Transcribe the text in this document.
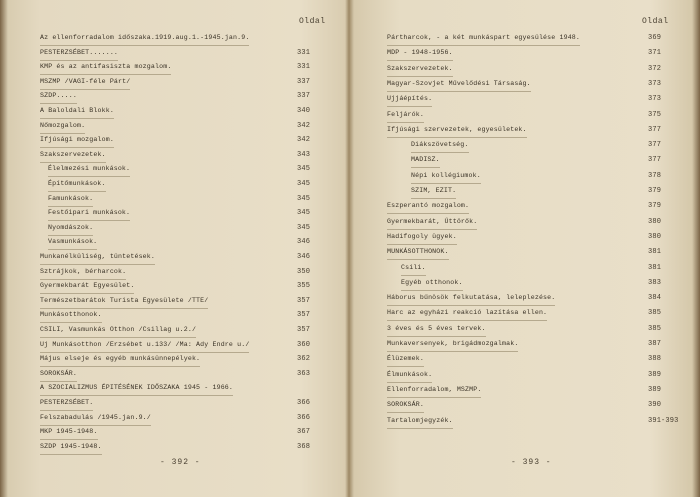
Oldal
Az ellenforradalom időszaka.1919.aug.1.-1945.jan.9.
PESTERZSÉBET.......	331
KMP és az antifasiszta mozgalom.	331
MSZMP /VAGI-féle Párt/	337
SZDP.....	337
A Baloldali Blokk.	340
Nőmozgalom.	342
Ifjúsági mozgalom.	342
Szakszervezetek.	343
Élelmezési munkások.	345
Építőmunkások.	345
Famunkások.	345
Festőipari munkások.	345
Nyomdászok.	345
Vasmunkások.	346
Munkanélküliség, tüntetések.	346
Sztrájkok, bérharcok.	350
Gyermekbarát Egyesület.	355
Természetbarátok Turista Egyesülete /TTE/	357
Munkásotthonok.	357
CSILI, Vasmunkás Otthon /Csillag u.2./	357
Uj Munkásotthon /Erzsébet u.133/ /Ma: Ady Endre u./	360
Május elseje és egyéb munkásünnepélyek.	362
SOROKSÁR.	363
A SZOCIALIZMUS ÉPITÉSÉNEK IDŐSZAKA 1945 - 1966.
PESTERZSÉBET.	366
Felszabadulás /1945.jan.9./	366
MKP 1945-1948.	367
SZDP 1945-1948.	368
- 392 -
Oldal
Pártharcok, - a két munkáspart egyesülése 1948.	369
MDP - 1948-1956.	371
Szakszervezetek.	372
Magyar-Szovjet Művelődési Társaság.	373
Ujjáépítés.	373
Feljárók.	375
Ifjúsági szervezetek, egyesületek.	377
Diákszövetség.	377
MADISZ.	377
Népi kollégiumok.	378
SZIM, EZIT.	379
Eszperantó mozgalom.	379
Gyermekbarát, Úttörők.	380
Hadifogoly ügyek.	380
MUNKÁSOTTHONOK.	381
Csili.	381
Egyéb otthonok.	383
Háborus bűnösök felkutatása, leleplezése.	384
Harc az egyházi reakció lazítása ellen.	385
3 éves és 5 éves tervek.	385
Munkaversenyek, brigádmozgalmak.	387
Élüzemek.	388
Élmunkások.	389
Ellenforradalom, MSZMP.	389
SOROKSÁR.	390
Tartalomjegyzék.	391-393
- 393 -
